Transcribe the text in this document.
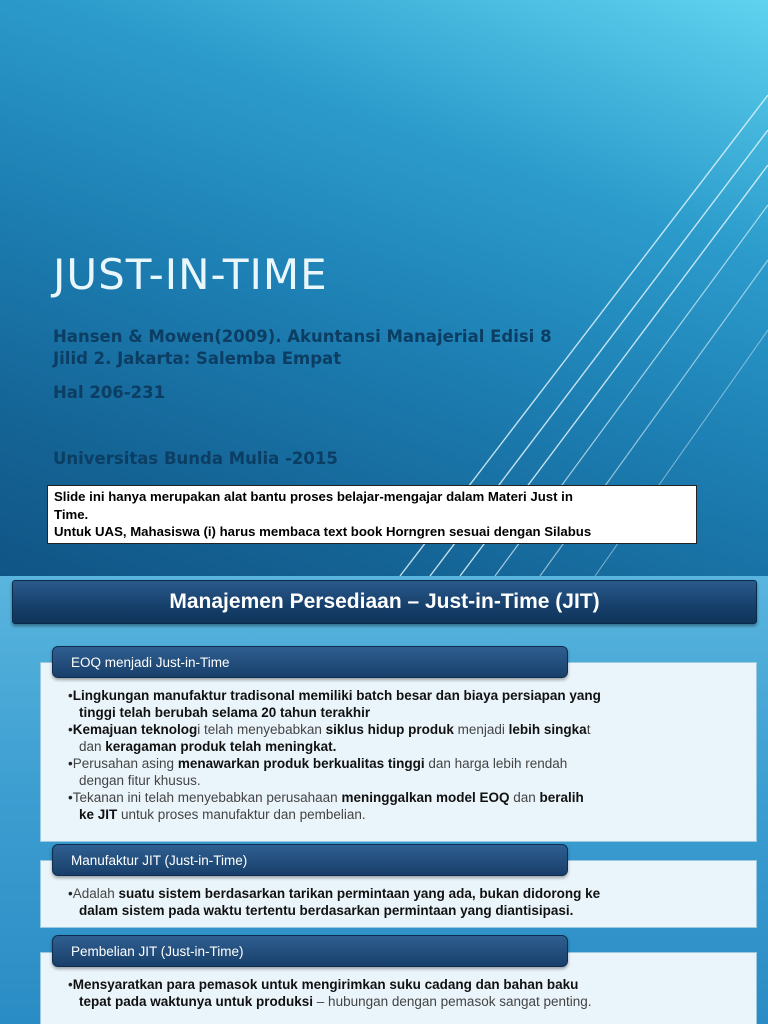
JUST-IN-TIME
Hansen & Mowen(2009). Akuntansi Manajerial Edisi 8
Jilid 2. Jakarta: Salemba Empat
Hal 206-231
Universitas Bunda Mulia -2015
Slide ini hanya merupakan alat bantu proses belajar-mengajar dalam Materi Just in
Time.
Untuk UAS, Mahasiswa (i) harus membaca text book Horngren sesuai dengan Silabus
Manajemen Persediaan – Just-in-Time (JIT)
EOQ menjadi Just-in-Time
•Lingkungan manufaktur tradisonal memiliki batch besar dan biaya persiapan yang
tinggi telah berubah selama 20 tahun terakhir
•Kemajuan teknologi telah menyebabkan siklus hidup produk menjadi lebih singkat
dan keragaman produk telah meningkat.
•Perusahan asing menawarkan produk berkualitas tinggi dan harga lebih rendah
dengan fitur khusus.
•Tekanan ini telah menyebabkan perusahaan meninggalkan model EOQ dan beralih
ke JIT untuk proses manufaktur dan pembelian.
Manufaktur JIT (Just-in-Time)
•Adalah suatu sistem berdasarkan tarikan permintaan yang ada, bukan didorong ke
dalam sistem pada waktu tertentu berdasarkan permintaan yang diantisipasi.
Pembelian JIT (Just-in-Time)
•Mensyaratkan para pemasok untuk mengirimkan suku cadang dan bahan baku
tepat pada waktunya untuk produksi – hubungan dengan pemasok sangat penting.
